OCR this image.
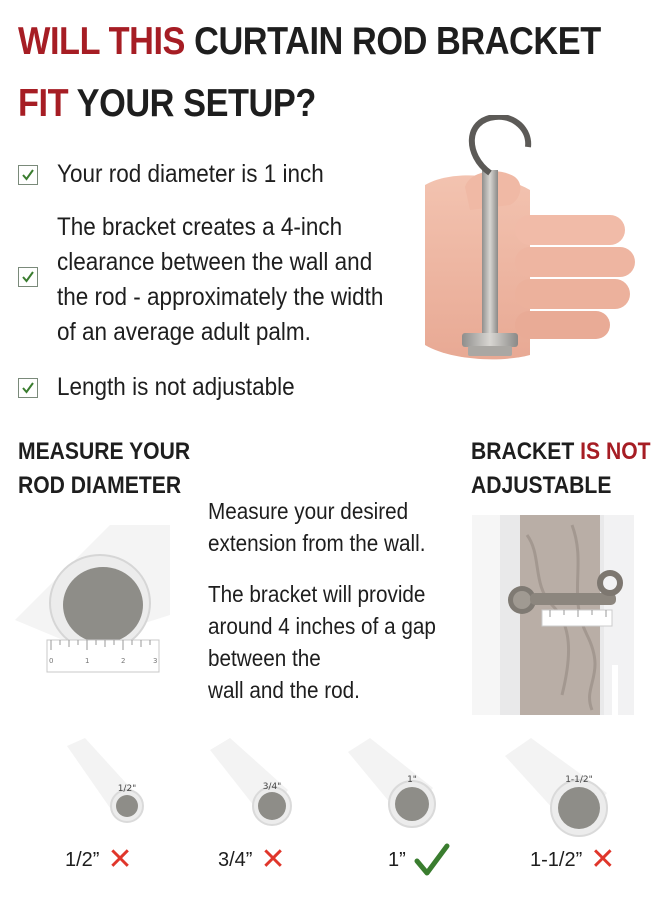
WILL THIS CURTAIN ROD BRACKET
FIT YOUR SETUP?
Your rod diameter is 1 inch
The bracket creates a 4-inch
clearance between the wall and
the rod - approximately the width
of an average adult palm.
Length is not adjustable
MEASURE YOUR
ROD DIAMETER
0	1	2	3
Measure your desired
extension from the wall.
The bracket will provide
around 4 inches of a gap
between the
wall and the rod.
BRACKET IS NOT
ADJUSTABLE
1/2"	3/4"
1"	1-1/2"
1/2” ✕	3/4” ✕	1”	1-1/2” ✕
